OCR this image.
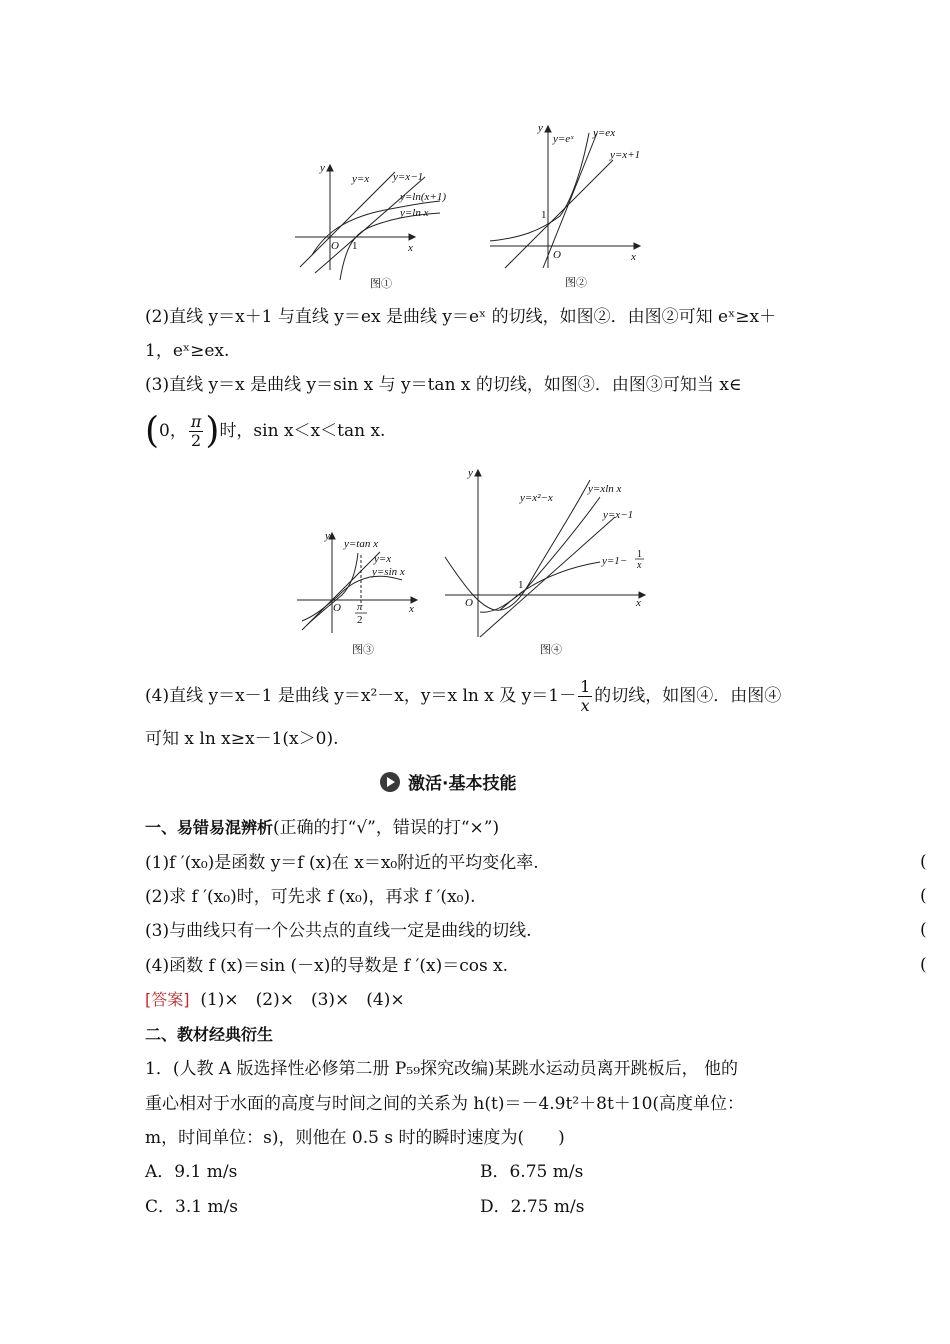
y
x
O 1
y=x y=x−1
y=ln(x+1)
y=ln x
图①
y
x
O
1
y=eˣ y=ex
y=x+1
图②
(2)直线 y＝x＋1 与直线 y＝ex 是曲线 y＝eˣ 的切线，如图②．由图②可知 eˣ≥x＋
1，eˣ≥ex.
(3)直线 y＝x 是曲线 y＝sin x 与 y＝tan x 的切线，如图③．由图③可知当 x∈
(0， $\frac{\pi}{2}$ )时，sin x＜x＜tan x.
y
x
O π
2
y=tan x
y=x
y=sin x
图③
y
x
O
1
y=x²−x
y=xln x
y=x−1
y=1−
1
x
图④
(4)直线 y＝x－1 是曲线 y＝x²－x，y＝x ln x 及 $y=1- \frac{1}{x}$ 的切线，如图④．由图④
可知 x ln x≥x－1(x＞0).
激活·基本技能
一、易错易混辨析(正确的打“√”，错误的打“×”)
(1)f ′(x₀)是函数 y＝f (x)在 x＝x₀附近的平均变化率.	(
(2)求 f ′(x₀)时，可先求 f (x₀)，再求 f ′(x₀).	(
(3)与曲线只有一个公共点的直线一定是曲线的切线.	(
(4)函数 f (x)＝sin (－x)的导数是 f ′(x)＝cos x.	(
[答案] (1)×　(2)×　(3)×　(4)×
二、教材经典衍生
1．(人教 A 版选择性必修第二册 P₅₉探究改编)某跳水运动员离开跳板后， 他的
重心相对于水面的高度与时间之间的关系为 h(t)＝－4.9t²＋8t＋10(高度单位：
m，时间单位：s)，则他在 0.5 s 时的瞬时速度为(　　)
A．9.1 m/s	B．6.75 m/s
C．3.1 m/s	D．2.75 m/s
